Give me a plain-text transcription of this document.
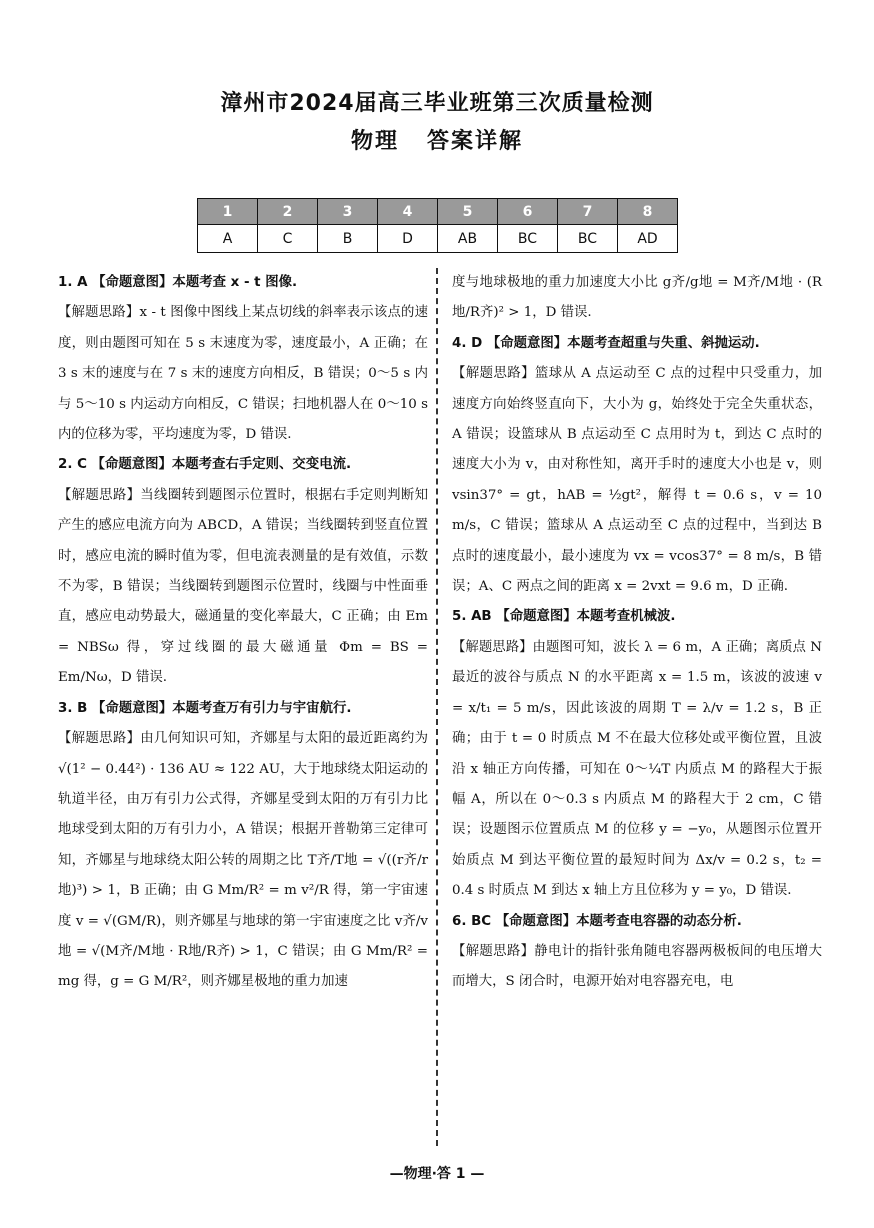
漳州市2024届高三毕业班第三次质量检测
物理 答案详解
1	2	3	4	5	6	7	8
A	C	B	D	AB	BC	BC	AD

1. A 【命题意图】本题考查 x - t 图像.

【解题思路】x - t 图像中图线上某点切线的斜率表示该点的速度，则由题图可知在 5 s 末速度为零，速度最小，A 正确；在 3 s 末的速度与在 7 s 末的速度方向相反，B 错误；0～5 s 内与 5～10 s 内运动方向相反，C 错误；扫地机器人在 0～10 s 内的位移为零，平均速度为零，D 错误.

2. C 【命题意图】本题考查右手定则、交变电流.

【解题思路】当线圈转到题图示位置时，根据右手定则判断知产生的感应电流方向为 ABCD，A 错误；当线圈转到竖直位置时，感应电流的瞬时值为零，但电流表测量的是有效值，示数不为零，B 错误；当线圈转到题图示位置时，线圈与中性面垂直，感应电动势最大，磁通量的变化率最大，C 正确；由 Em = NBSω 得，穿过线圈的最大磁通量 Φm = BS = Em/Nω，D 错误.

3. B 【命题意图】本题考查万有引力与宇宙航行.

【解题思路】由几何知识可知，齐娜星与太阳的最近距离约为 √(1² − 0.44²) · 136 AU ≈ 122 AU，大于地球绕太阳运动的轨道半径，由万有引力公式得，齐娜星受到太阳的万有引力比地球受到太阳的万有引力小，A 错误；根据开普勒第三定律可知，齐娜星与地球绕太阳公转的周期之比 T齐/T地 = √((r齐/r地)³) > 1，B 正确；由 G Mm/R² = m v²/R 得，第一宇宙速度 v = √(GM/R)，则齐娜星与地球的第一宇宙速度之比 v齐/v地 = √(M齐/M地 · R地/R齐) > 1，C 错误；由 G Mm/R² = mg 得，g = G M/R²，则齐娜星极地的重力加速

度与地球极地的重力加速度大小比 g齐/g地 = M齐/M地 · (R地/R齐)² > 1，D 错误.

4. D 【命题意图】本题考查超重与失重、斜抛运动.

【解题思路】篮球从 A 点运动至 C 点的过程中只受重力，加速度方向始终竖直向下，大小为 g，始终处于完全失重状态，A 错误；设篮球从 B 点运动至 C 点用时为 t，到达 C 点时的速度大小为 v，由对称性知，离开手时的速度大小也是 v，则 vsin37° = gt，hAB = ½gt²，解得 t = 0.6 s，v = 10 m/s，C 错误；篮球从 A 点运动至 C 点的过程中，当到达 B 点时的速度最小，最小速度为 vx = vcos37° = 8 m/s，B 错误；A、C 两点之间的距离 x = 2vxt = 9.6 m，D 正确.

5. AB 【命题意图】本题考查机械波.

【解题思路】由题图可知，波长 λ = 6 m，A 正确；离质点 N 最近的波谷与质点 N 的水平距离 x = 1.5 m，该波的波速 v = x/t₁ = 5 m/s，因此该波的周期 T = λ/v = 1.2 s，B 正确；由于 t = 0 时质点 M 不在最大位移处或平衡位置，且波沿 x 轴正方向传播，可知在 0～¼T 内质点 M 的路程大于振幅 A，所以在 0～0.3 s 内质点 M 的路程大于 2 cm，C 错误；设题图示位置质点 M 的位移 y = −y₀，从题图示位置开始质点 M 到达平衡位置的最短时间为 Δx/v = 0.2 s，t₂ = 0.4 s 时质点 M 到达 x 轴上方且位移为 y = y₀，D 错误.

6. BC 【命题意图】本题考查电容器的动态分析.

【解题思路】静电计的指针张角随电容器两极板间的电压增大而增大，S 闭合时，电源开始对电容器充电，电

—物理·答 1 —
